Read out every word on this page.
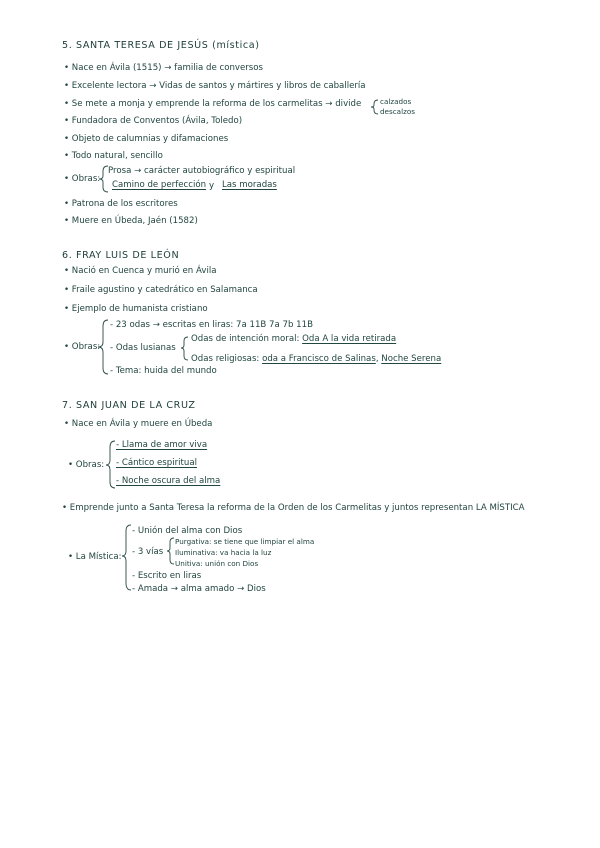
5. SANTA TERESA DE JESÚS (mística)
• Nace en Ávila (1515) → familia de conversos
• Excelente lectora → Vidas de santos y mártires y libros de caballería
• Se mete a monja y emprende la reforma de los carmelitas → divide	calzados
descalzos
• Fundadora de Conventos (Ávila, Toledo)
• Objeto de calumnias y difamaciones
• Todo natural, sencillo
• Obras:
Prosa → carácter autobiográfico y espiritual
Camino de perfección y Las moradas
• Patrona de los escritores
• Muere en Úbeda, Jaén (1582)
6. FRAY LUIS DE LEÓN
• Nació en Cuenca y murió en Ávila
• Fraile agustino y catedrático en Salamanca
• Ejemplo de humanista cristiano
• Obras:
- 23 odas → escritas en liras: 7a 11B 7a 7b 11B
- Odas lusianas
Odas de intención moral: Oda A la vida retirada
Odas religiosas: oda a Francisco de Salinas, Noche Serena
- Tema: huida del mundo
7. SAN JUAN DE LA CRUZ
• Nace en Ávila y muere en Úbeda
• Obras:
- Llama de amor viva
- Cántico espiritual
- Noche oscura del alma
• Emprende junto a Santa Teresa la reforma de la Orden de los Carmelitas y juntos representan LA MÍSTICA
• La Mística:
- Unión del alma con Dios
- 3 vías
Purgativa: se tiene que limpiar el alma
Iluminativa: va hacia la luz
Unitiva: unión con Dios
- Escrito en liras
- Amada → alma amado → Dios
